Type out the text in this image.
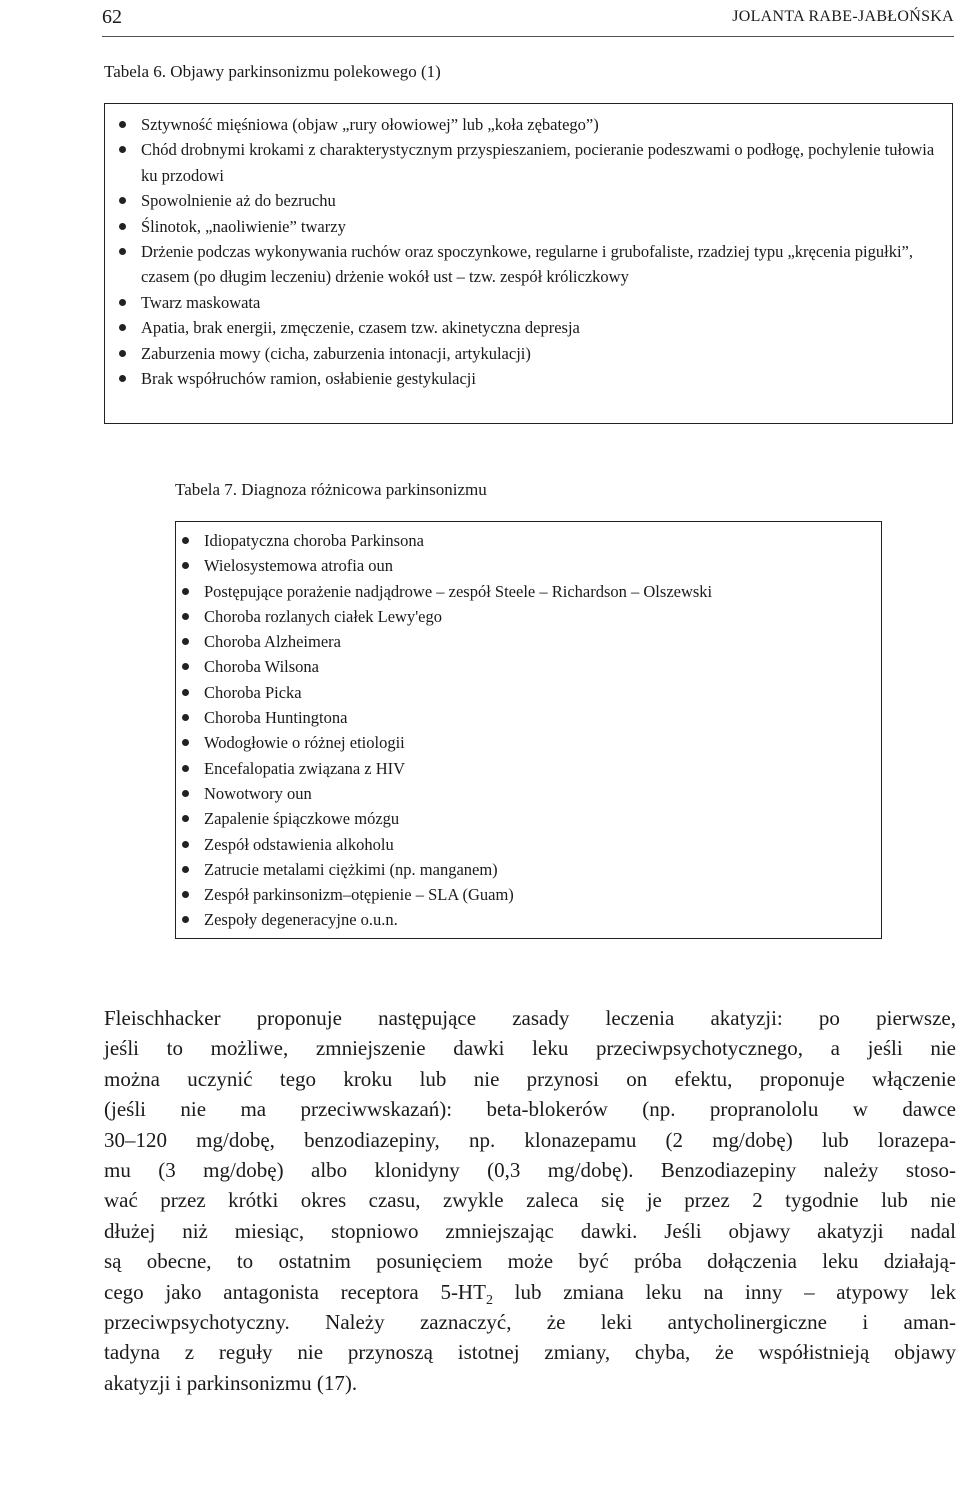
62	JOLANTA RABE-JABŁOŃSKA
Tabela 6. Objawy parkinsonizmu polekowego (1)
Sztywność mięśniowa (objaw „rury ołowiowej” lub „koła zębatego”)
Chód drobnymi krokami z charakterystycznym przyspieszaniem, pocieranie podeszwami o podłogę, pochylenie tułowia ku przodowi
Spowolnienie aż do bezruchu
Ślinotok, „naoliwienie” twarzy
Drżenie podczas wykonywania ruchów oraz spoczynkowe, regularne i grubofaliste, rzadziej typu „kręcenia pigułki”, czasem (po długim leczeniu) drżenie wokół ust – tzw. zespół króliczkowy
Twarz maskowata
Apatia, brak energii, zmęczenie, czasem tzw. akinetyczna depresja
Zaburzenia mowy (cicha, zaburzenia intonacji, artykulacji)
Brak współruchów ramion, osłabienie gestykulacji
Tabela 7. Diagnoza różnicowa parkinsonizmu
Idiopatyczna choroba Parkinsona
Wielosystemowa atrofia oun
Postępujące porażenie nadjądrowe – zespół Steele – Richardson – Olszewski
Choroba rozlanych ciałek Lewy'ego
Choroba Alzheimera
Choroba Wilsona
Choroba Picka
Choroba Huntingtona
Wodogłowie o różnej etiologii
Encefalopatia związana z HIV
Nowotwory oun
Zapalenie śpiączkowe mózgu
Zespół odstawienia alkoholu
Zatrucie metalami ciężkimi (np. manganem)
Zespół parkinsonizm–otępienie – SLA (Guam)
Zespoły degeneracyjne o.u.n.
Fleischhacker proponuje następujące zasady leczenia akatyzji: po pierwsze,
jeśli to możliwe, zmniejszenie dawki leku przeciwpsychotycznego, a jeśli nie
można uczynić tego kroku lub nie przynosi on efektu, proponuje włączenie
(jeśli nie ma przeciwwskazań): beta-blokerów (np. propranololu w dawce
30–120 mg/dobę, benzodiazepiny, np. klonazepamu (2 mg/dobę) lub lorazepa-
mu (3 mg/dobę) albo klonidyny (0,3 mg/dobę). Benzodiazepiny należy stoso-
wać przez krótki okres czasu, zwykle zaleca się je przez 2 tygodnie lub nie
dłużej niż miesiąc, stopniowo zmniejszając dawki. Jeśli objawy akatyzji nadal
są obecne, to ostatnim posunięciem może być próba dołączenia leku działają-
cego jako antagonista receptora $5-HT_2$ lub zmiana leku na inny – atypowy lek
przeciwpsychotyczny. Należy zaznaczyć, że leki antycholinergiczne i aman-
tadyna z reguły nie przynoszą istotnej zmiany, chyba, że współistnieją objawy
akatyzji i parkinsonizmu (17).
